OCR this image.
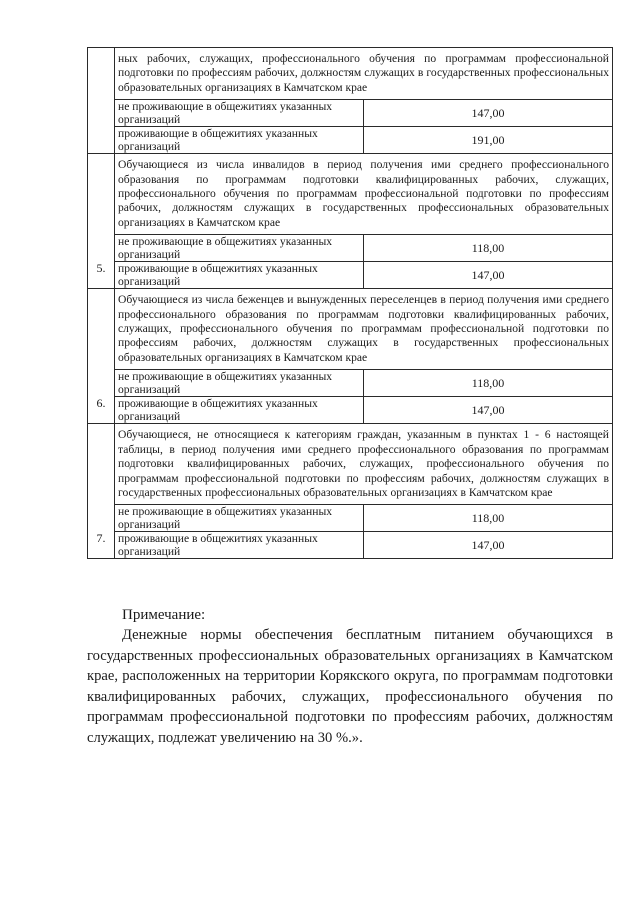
	ных рабочих, служащих, профессионального обучения по программам профессиональной подготовки по профессиям рабочих, должностям служащих в государственных профессиональных образовательных организациях в Камчатском крае	
	не проживающие в общежитиях указанных организаций	147,00
	проживающие в общежитиях указанных организаций	191,00
5.	Обучающиеся из числа инвалидов в период получения ими среднего профессионального образования по программам подготовки квалифицированных рабочих, служащих, профессионального обучения по программам профессиональной подготовки по профессиям рабочих, должностям служащих в государственных профессиональных образовательных организациях в Камчатском крае	
	не проживающие в общежитиях указанных организаций	118,00
	проживающие в общежитиях указанных организаций	147,00
6.	Обучающиеся из числа беженцев и вынужденных переселенцев в период получения ими среднего профессионального образования по программам подготовки квалифицированных рабочих, служащих, профессионального обучения по программам профессиональной подготовки по профессиям рабочих, должностям служащих в государственных профессиональных образовательных организациях в Камчатском крае	
	не проживающие в общежитиях указанных организаций	118,00
	проживающие в общежитиях указанных организаций	147,00
7.	Обучающиеся, не относящиеся к категориям граждан, указанным в пунктах 1 - 6 настоящей таблицы, в период получения ими среднего профессионального образования по программам подготовки квалифицированных рабочих, служащих, профессионального обучения по программам профессиональной подготовки по профессиям рабочих, должностям служащих в государственных профессиональных образовательных организациях в Камчатском крае	
	не проживающие в общежитиях указанных организаций	118,00
	проживающие в общежитиях указанных организаций	147,00
Примечание:

Денежные нормы обеспечения бесплатным питанием обучающихся в государственных профессиональных образовательных организациях в Камчатском крае, расположенных на территории Корякского округа, по программам подготовки квалифицированных рабочих, служащих, профессионального обучения по программам профессиональной подготовки по профессиям рабочих, должностям служащих, подлежат увеличению на 30 %.».
